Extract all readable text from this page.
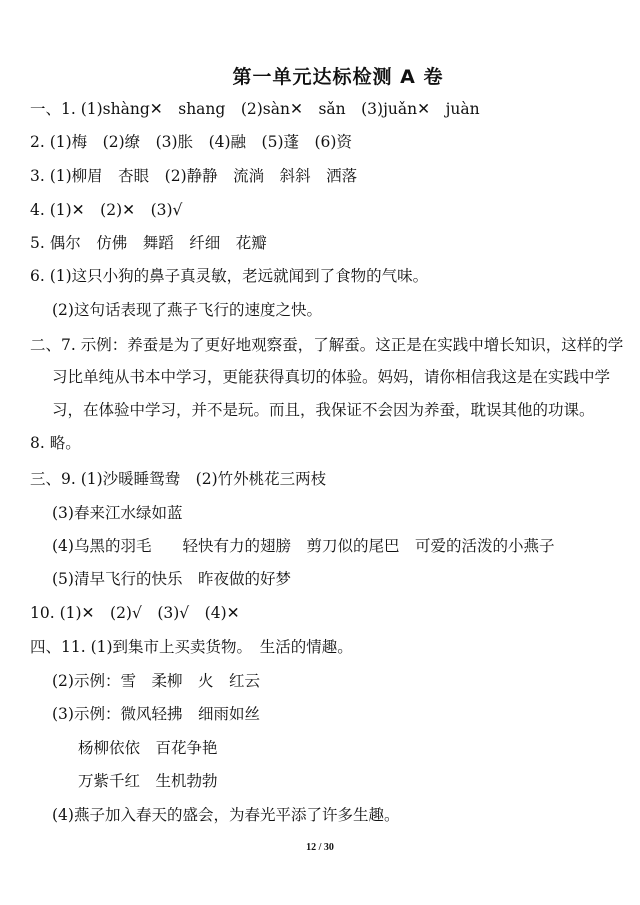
第一单元达标检测 A 卷
一、1. (1)shàng✕　shang　(2)sàn✕　sǎn　(3)juǎn✕　juàn
2. (1)梅　(2)缭　(3)胀　(4)融　(5)蓬　(6)资
3. (1)柳眉　杏眼　(2)静静　流淌　斜斜　洒落
4. (1)✕　(2)✕　(3)√
5. 偶尔　仿佛　舞蹈　纤细　花瓣
6. (1)这只小狗的鼻子真灵敏，老远就闻到了食物的气味。
(2)这句话表现了燕子飞行的速度之快。
二、7. 示例：养蚕是为了更好地观察蚕，了解蚕。这正是在实践中增长知识，这样的学
习比单纯从书本中学习，更能获得真切的体验。妈妈，请你相信我这是在实践中学
习，在体验中学习，并不是玩。而且，我保证不会因为养蚕，耽误其他的功课。
8. 略。
三、9. (1)沙暖睡鸳鸯　(2)竹外桃花三两枝
(3)春来江水绿如蓝
(4)乌黑的羽毛　　轻快有力的翅膀　剪刀似的尾巴　可爱的活泼的小燕子
(5)清早飞行的快乐　昨夜做的好梦
10. (1)✕　(2)√　(3)√　(4)✕
四、11. (1)到集市上买卖货物。　生活的情趣。
(2)示例：雪　柔柳　火　红云
(3)示例：微风轻拂　细雨如丝
杨柳依依　百花争艳
万紫千红　生机勃勃
(4)燕子加入春天的盛会，为春光平添了许多生趣。
12 / 30
